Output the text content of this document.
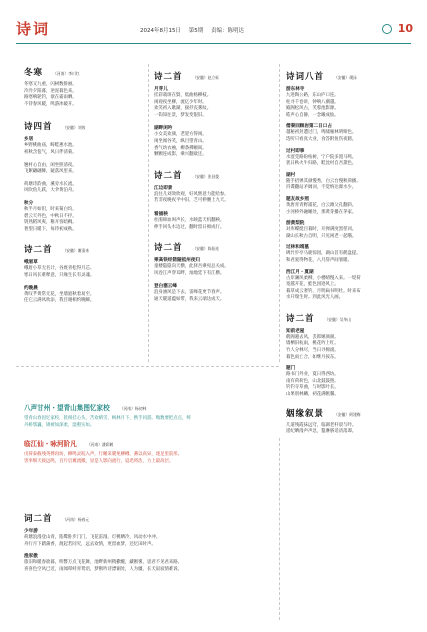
诗词	2024年8月15日 第5期 责编：陈明达	10
冬寒	（河南）李川红
冬寒又九重，闪树数排丽。
冷冷夕阳暮，逆泥暮色来。
路寒响轮钓，欲在霜雨晒。
不待春风暖，鸣游冰破开。
诗四首	（安徽）刘效
乡居
乡野桃曲庙，畴畦惠水池。
初秋含苞气，风日伴清菊。
翘村心自由，闲坐照清夜。
飞絮翩翩舞，疑落风里来。
荷塘诗韵曲，溪旁水长流。
风吹鱼儿跃，大伞黄泊舟。
秋分
秋半月如铅，时来菊白均。
碧云天外色，中秋日不抒。
钥熟稻风爽，稚开客暗稠。
奢望日暖下，每待初成秋。
诗二首	（安徽）谢清来
峨眉草
峨眉小草无名计，谷底青松得月芯。
寒日风长难释意，只缘生长有灵魂。
约晚晨
黄叹芊黄常无花，坐墙庭秋着易至。
任它云满风吹添，我目谢相约晚瞬。
诗二首	（安徽）赵立标
月芽儿
挂彩栽斑在鬓，低曲杨柳枝。
闲观夜坐柳，流亿少年时。
欢笑初入歌湖，揣抒丧雾纹。
一钩知往景，梦发变银旧。
湖畔闲吟
小女美欢颜，老迎方得闲。
闲坐闻谷笑，纵目望青山。
香气幼衣袖，柳条拂额间。
颗颗连成影，乘兴翻欲还。
诗二首	（安徽）张昌俊
江边即景
浪往儿刘效欣观，好风惬意力能哈参。
若非夜晚夜平中旧，乏可伸腰上九天。
看插秧
杜鹃啼血叫声长，水映蓝天机翻秧。
伸手回头水边过，翻时留日绵成行。
诗二首	（安徽）陈仙连
乘高铁经箭隧抵州夜归
童楼隐隐向天横，此驿吾乘宛总关成。
风卷江声穿耳畔，灿地廷下有江横。
登白塞云峰
浪身涵风是下去，雷峰花更节春声。
通天暖道蕴如带，我来云端达成天。
诗词八首	（安徽）璞泳
游东林寺
九进陶公路，东山庐口连。
柱寻千卷讲，钟响八潮越。
殿阁松风古，芙蓉池影源。
皓声心自静，一念曦成仙。
僧秦回顾岩第二日口占
越秘初封遭过门，鸣啸雁林明啼色。
选听只看真大业，食答附鱼伤夜鹤。
过村即事
水涩莞路盼枯树，宁户院多置马鸣。
犹日秋火牛归路，畦沈村自吾黛色。
湖村
随手招弹其颜慢秀，白云台慢秋荷播。
抖谍翻站矛阔词，不觉纳达瀑水少。
题友故乡照
黄唐青青野浦花，白云滩父孔翻斜。
小河桥外融睡处，那黄芽播在茅家。
游黄梨院
对库蝶挺目暮时，开弹满度黑慈词。
湖山长秋古自明，只见闲老一起哦。
过林和靖墓
碑竹步亭马鹿惊园，湖山首有鹤盘提。
和君爱得物花，八月辞声间暑暖。
西江月・夏湖
古岸澜风柔柳，小楼晴慢入来。一堤荷
宽越开花，蛙色园迹风上。
暮草成云奢钓，月明扁书明杜。时来布
水开瑞生时。到此风光人画。
诗二首	（安徽）吴华山
知前老屋
鹤阁避去风，丢郎姬颜颜。
墙栖旧杭雨，桃花吟上红。
竹人分林尽，当日寻棉滚。
暮色雨亡合，如继月按东。
题门
路书门外业，夏日得西坊。
南有荷荷色，山北鼓鼓照。
钓钓寺草曲，与时影叶长。
山果别林鳞，初花满帆馨。
姻缘叙景	（安徽）阿建梅
几道残霞抹远穹，临湖老杆晨与吟。
遥纪晒漫声声急，鏊淋脐话清落谭。
八声甘州・望青山集图忆家校	（河南）杨初林
望青山春因忆家校，犹相挂心头，苦欢晴雪，枫林月下，携手同游。嗡数要把点点，鲜
丹桥鄂巍，锦被如深柔，湿壑实如。
临江仙・咏河阶凡	（河南）潘彩鹤
戊荷泰截残英葬再坊，柳鸣灵皖入声，行睡采暖免柳樽，蕃以高异，逐足里前彤。
害率细天接远鸣，百片启翼流搬，显是人影向流行，迢迅将浩，力上最高层。
词二首	（河南）杨春元
少年游
荷塘浪漫登山青，陷鹭卧步门门，飞花雷漫，灯桃晒冷，风动水中冲。
舟行月下踏蒲香，渡起若同究，远去欢情，更留血梦，还忆田时声。
渔家傲
旅旧和暖春欲暮，明瞥万点飞花舞，池畔新州稍撒醒，藏断雾，思君不见君来路。
喜喜色空风已近，雨闻叩峙青鸳语，梦断吟诗漂铜处，人为疆，长天寂寂情难诉。
